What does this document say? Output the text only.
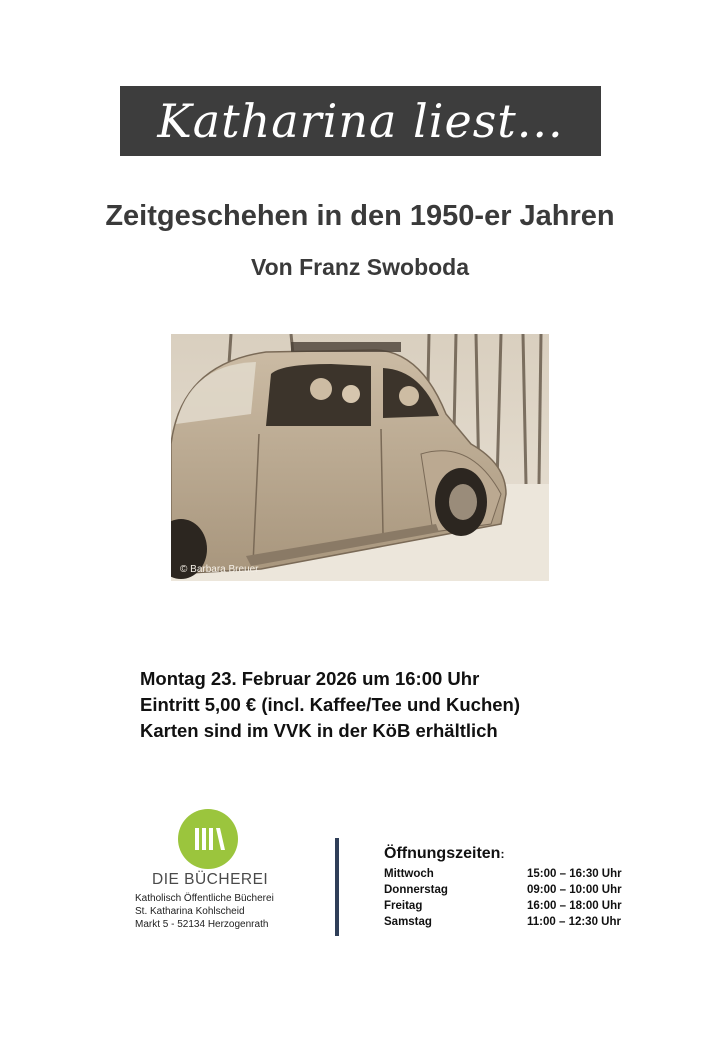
Katharina liest...
Zeitgeschehen in den 1950-er Jahren
Von Franz Swoboda
© Barbara Breuer
Montag 23. Februar 2026 um 16:00 Uhr
Eintritt 5,00 € (incl. Kaffee/Tee und Kuchen)
Karten sind im VVK in der KöB erhältlich
DIE BÜCHEREI
Katholisch Öffentliche Bücherei
St. Katharina Kohlscheid
Markt 5 - 52134 Herzogenrath
Öffnungszeiten:
Mittwoch	15:00 – 16:30 Uhr
Donnerstag	09:00 – 10:00 Uhr
Freitag	16:00 – 18:00 Uhr
Samstag	11:00 – 12:30 Uhr
